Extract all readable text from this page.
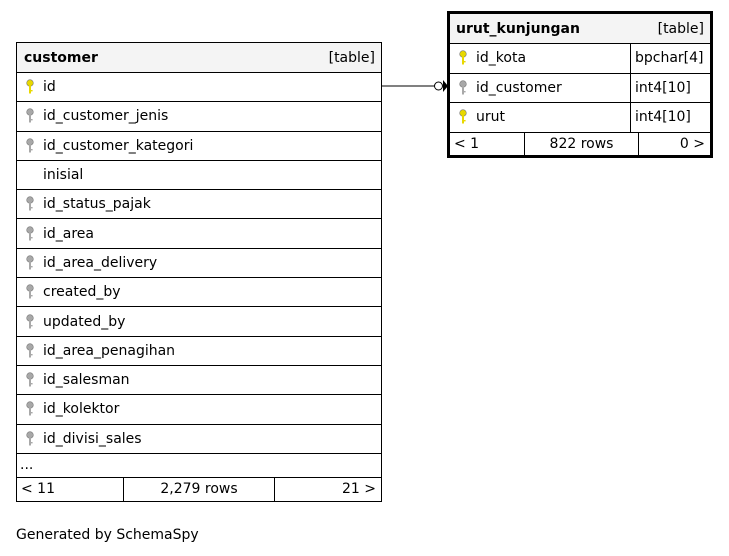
customer	[table]
id
id_customer_jenis
id_customer_kategori
inisial
id_status_pajak
id_area
id_area_delivery
created_by
updated_by
id_area_penagihan
id_salesman
id_kolektor
id_divisi_sales
...
< 11	2,279 rows	21 >
urut_kunjungan	[table]
id_kota	bpchar[4]
id_customer	int4[10]
urut	int4[10]
< 1	822 rows	0 >
Generated by SchemaSpy
